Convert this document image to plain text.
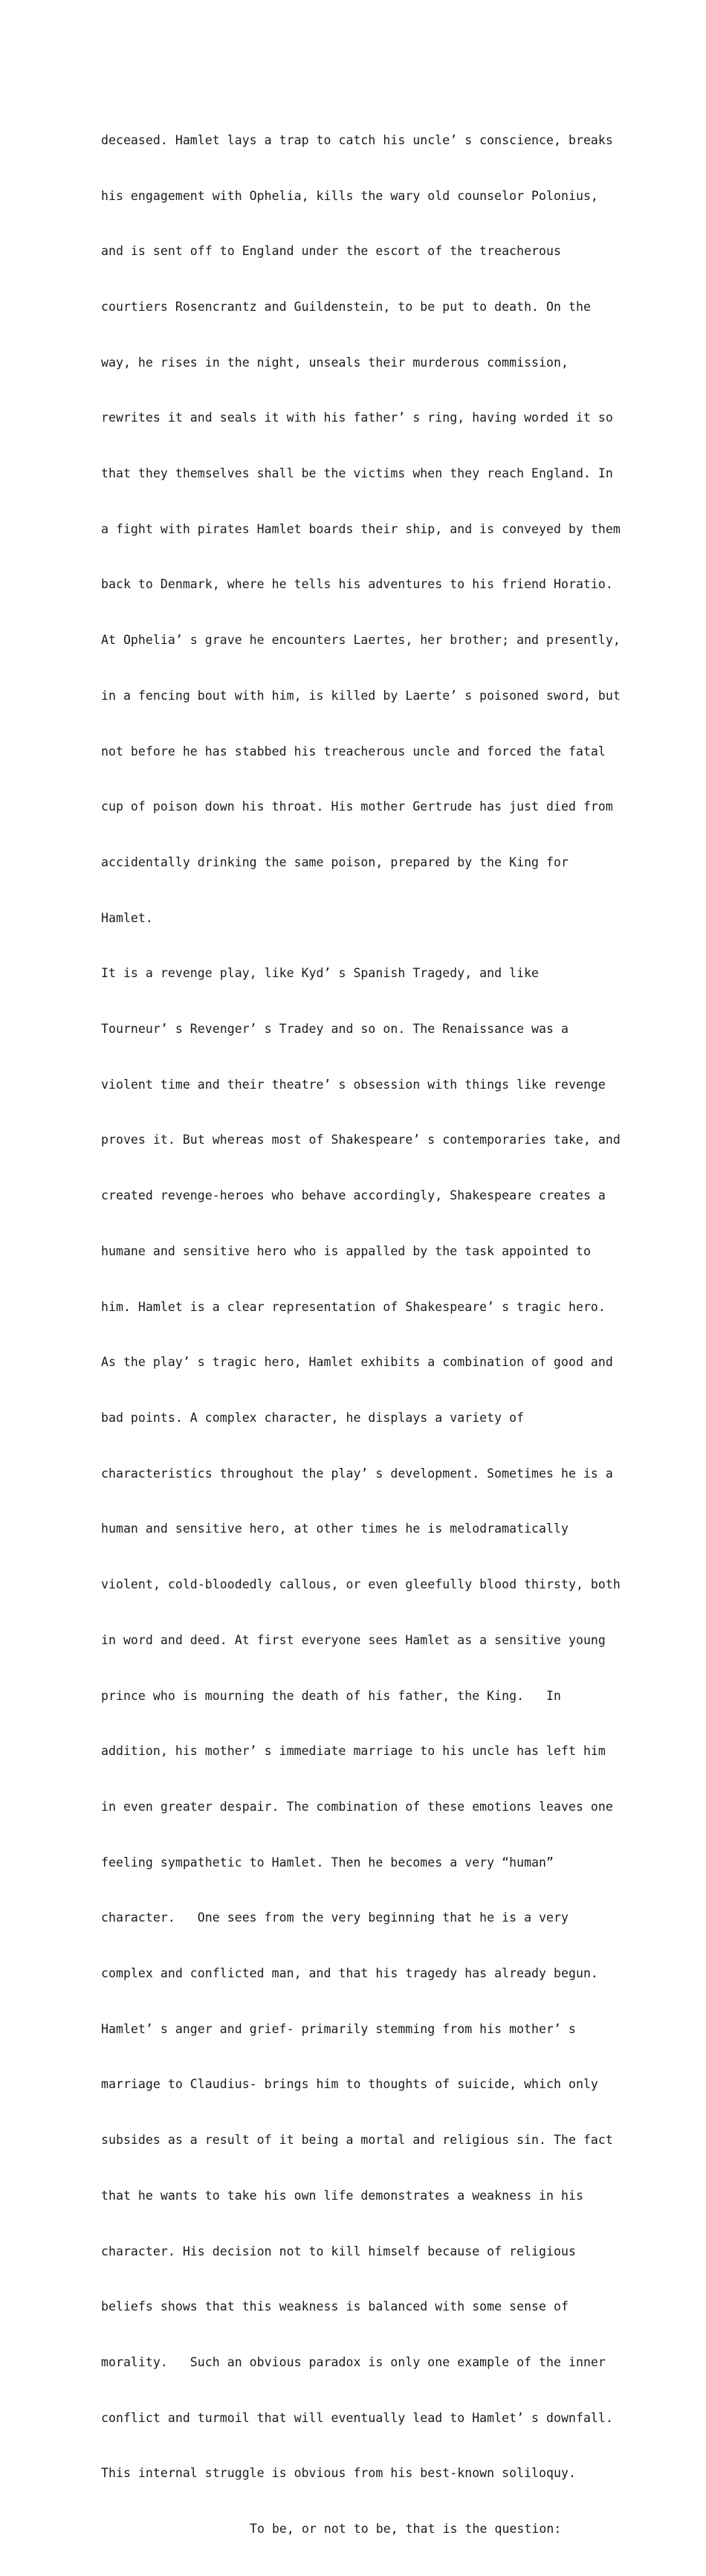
deceased. Hamlet lays a trap to catch his uncle’ s conscience, breaks

his engagement with Ophelia, kills the wary old counselor Polonius,

and is sent off to England under the escort of the treacherous

courtiers Rosencrantz and Guildenstein, to be put to death. On the

way, he rises in the night, unseals their murderous commission,

rewrites it and seals it with his father’ s ring, having worded it so

that they themselves shall be the victims when they reach England. In

a fight with pirates Hamlet boards their ship, and is conveyed by them

back to Denmark, where he tells his adventures to his friend Horatio.

At Ophelia’ s grave he encounters Laertes, her brother; and presently,

in a fencing bout with him, is killed by Laerte’ s poisoned sword, but

not before he has stabbed his treacherous uncle and forced the fatal

cup of poison down his throat. His mother Gertrude has just died from

accidentally drinking the same poison, prepared by the King for

Hamlet.

It is a revenge play, like Kyd’ s Spanish Tragedy, and like

Tourneur’ s Revenger’ s Tradey and so on. The Renaissance was a

violent time and their theatre’ s obsession with things like revenge

proves it. But whereas most of Shakespeare’ s contemporaries take, and

created revenge-heroes who behave accordingly, Shakespeare creates a

humane and sensitive hero who is appalled by the task appointed to

him. Hamlet is a clear representation of Shakespeare’ s tragic hero.

As the play’ s tragic hero, Hamlet exhibits a combination of good and

bad points. A complex character, he displays a variety of

characteristics throughout the play’ s development. Sometimes he is a

human and sensitive hero, at other times he is melodramatically

violent, cold-bloodedly callous, or even gleefully blood thirsty, both

in word and deed. At first everyone sees Hamlet as a sensitive young

prince who is mourning the death of his father, the King.   In

addition, his mother’ s immediate marriage to his uncle has left him

in even greater despair. The combination of these emotions leaves one

feeling sympathetic to Hamlet. Then he becomes a very “human”

character.   One sees from the very beginning that he is a very

complex and conflicted man, and that his tragedy has already begun.

Hamlet’ s anger and grief- primarily stemming from his mother’ s

marriage to Claudius- brings him to thoughts of suicide, which only

subsides as a result of it being a mortal and religious sin. The fact

that he wants to take his own life demonstrates a weakness in his

character. His decision not to kill himself because of religious

beliefs shows that this weakness is balanced with some sense of

morality.   Such an obvious paradox is only one example of the inner

conflict and turmoil that will eventually lead to Hamlet’ s downfall.

This internal struggle is obvious from his best-known soliloquy.

To be, or not to be, that is the question:
